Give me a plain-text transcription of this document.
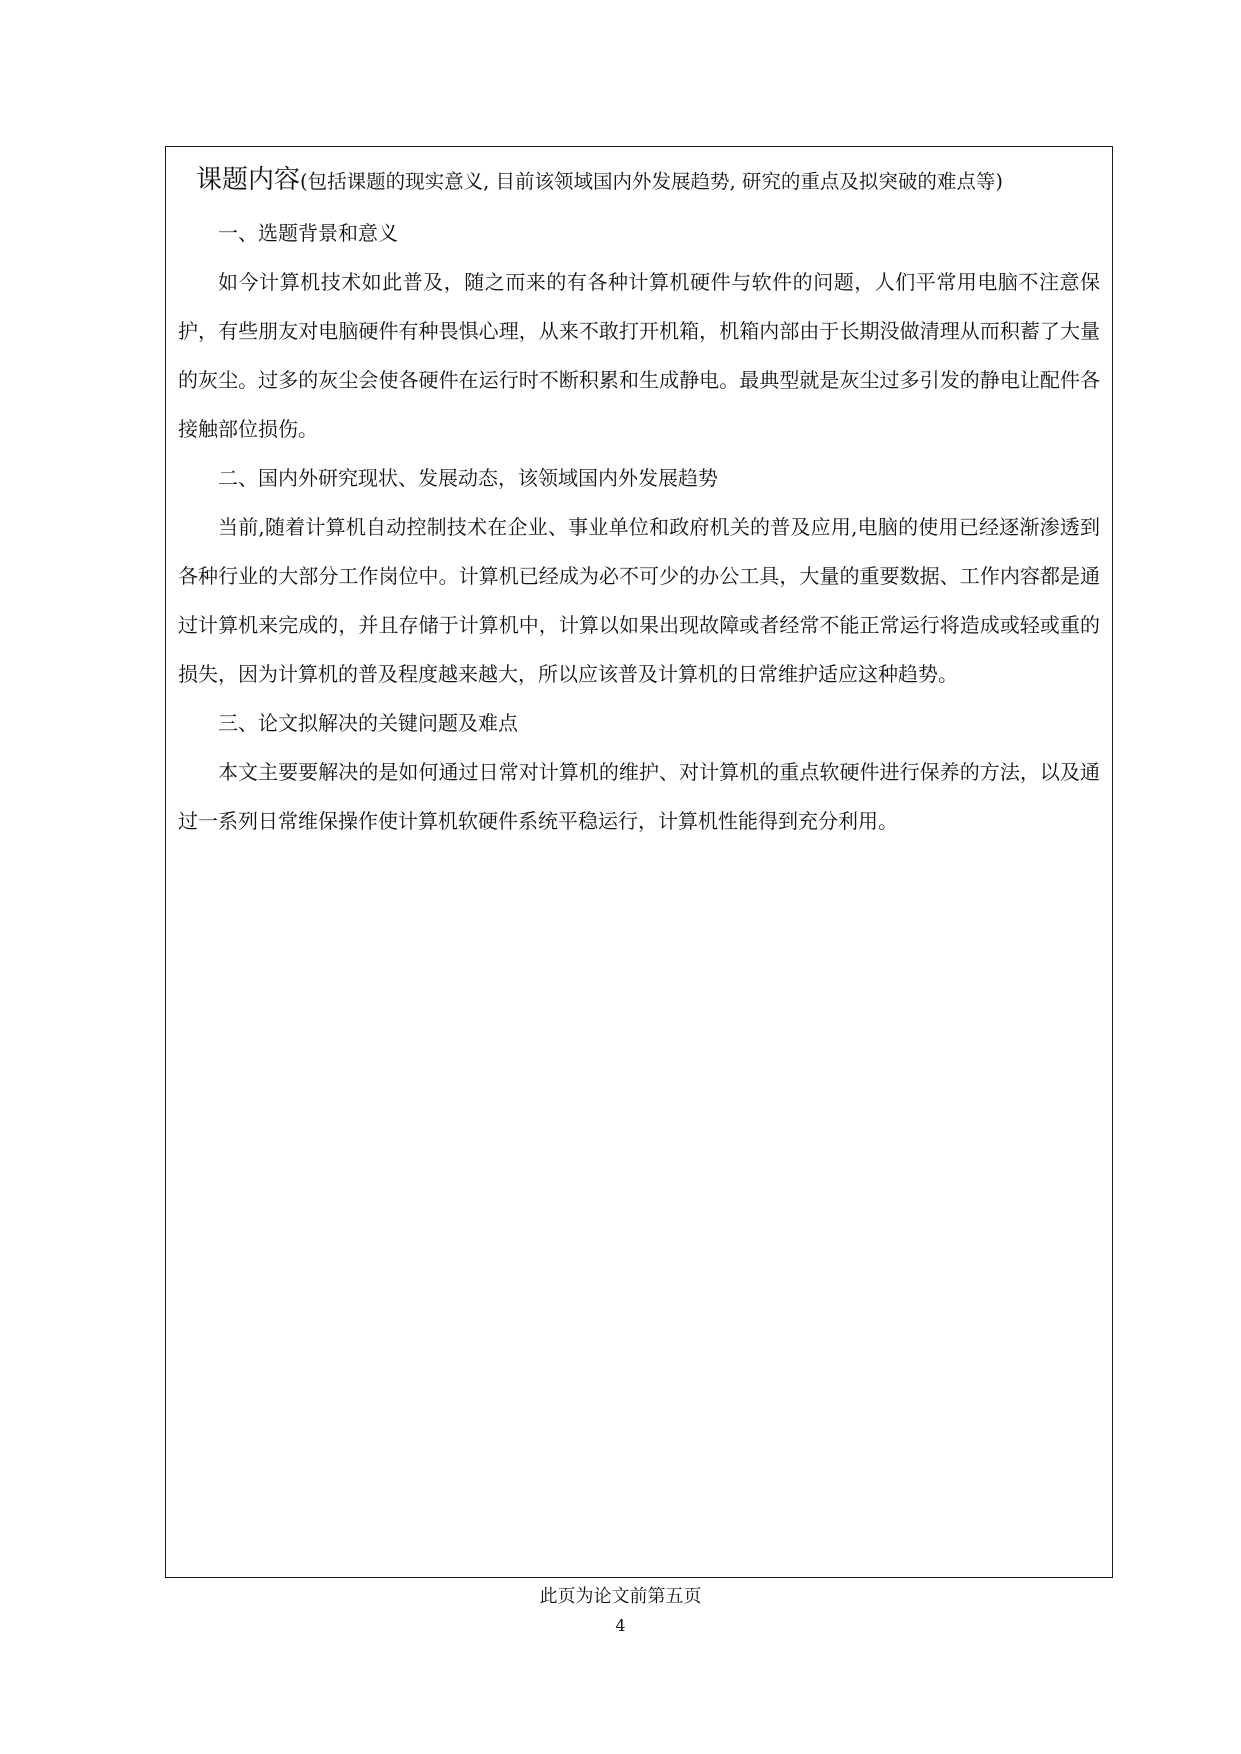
课题内容(包括课题的现实意义, 目前该领域国内外发展趋势, 研究的重点及拟突破的难点等)

一、选题背景和意义

如今计算机技术如此普及，随之而来的有各种计算机硬件与软件的问题，人们平常用电脑不注意保护，有些朋友对电脑硬件有种畏惧心理，从来不敢打开机箱，机箱内部由于长期没做清理从而积蓄了大量的灰尘。过多的灰尘会使各硬件在运行时不断积累和生成静电。最典型就是灰尘过多引发的静电让配件各接触部位损伤。

二、国内外研究现状、发展动态，该领域国内外发展趋势

当前,随着计算机自动控制技术在企业、事业单位和政府机关的普及应用,电脑的使用已经逐渐渗透到各种行业的大部分工作岗位中。计算机已经成为必不可少的办公工具，大量的重要数据、工作内容都是通过计算机来完成的，并且存储于计算机中，计算以如果出现故障或者经常不能正常运行将造成或轻或重的损失，因为计算机的普及程度越来越大，所以应该普及计算机的日常维护适应这种趋势。

三、论文拟解决的关键问题及难点

本文主要要解决的是如何通过日常对计算机的维护、对计算机的重点软硬件进行保养的方法，以及通过一系列日常维保操作使计算机软硬件系统平稳运行，计算机性能得到充分利用。

此页为论文前第五页
4
